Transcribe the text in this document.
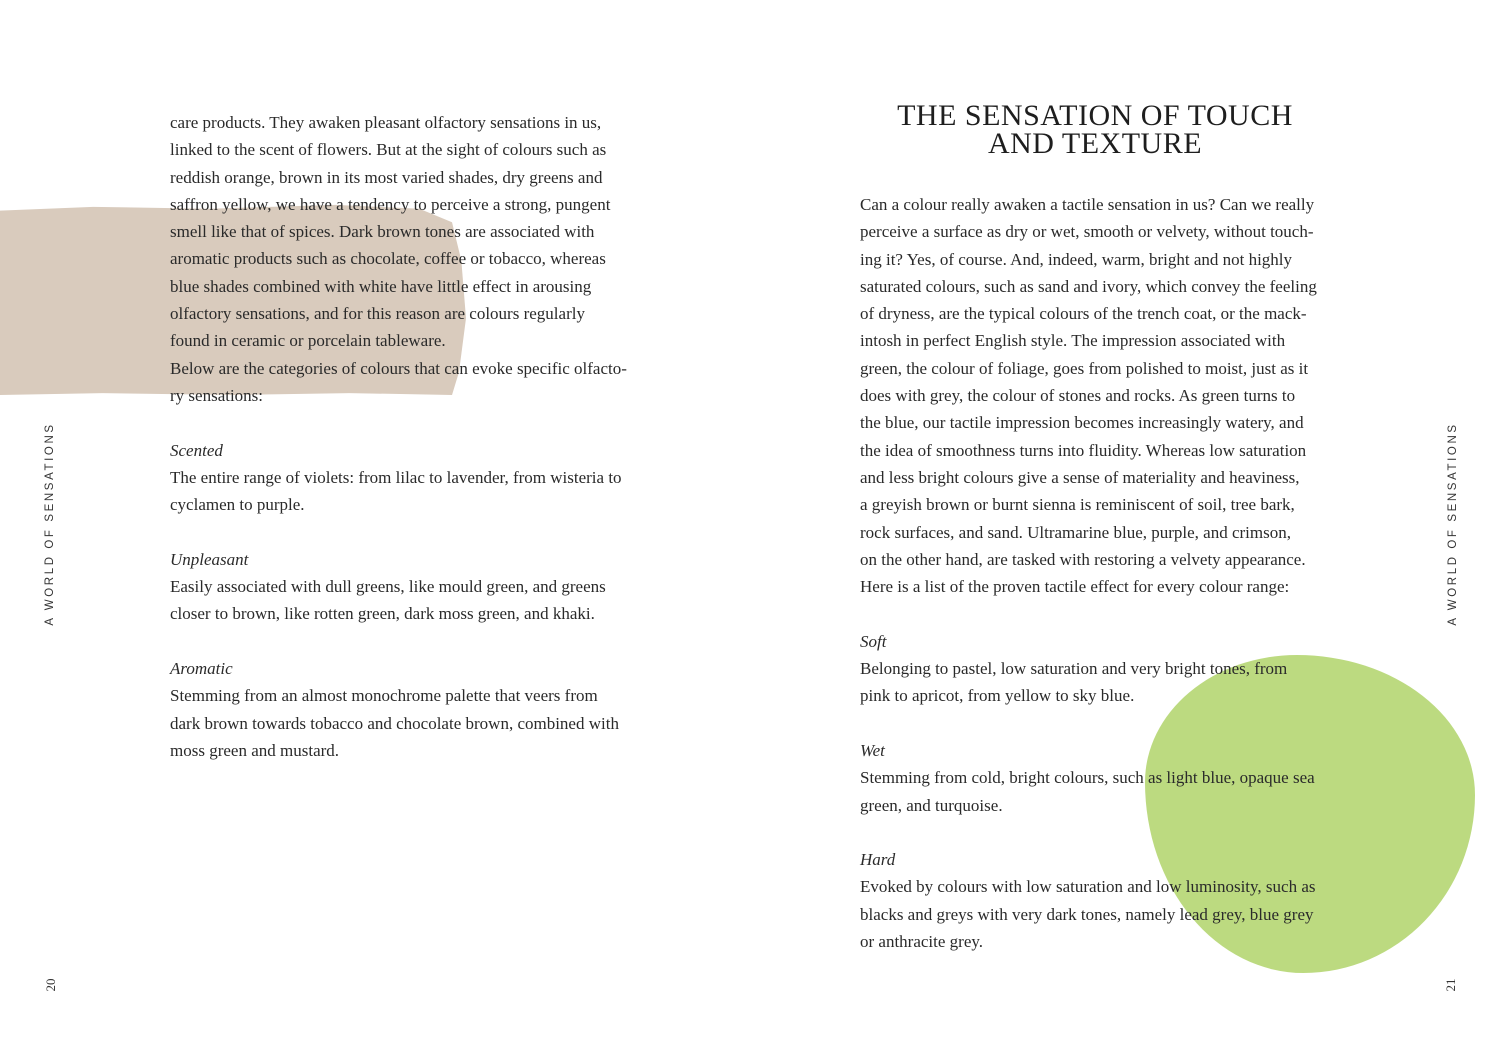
care products. They awaken pleasant olfactory sensations in us,

linked to the scent of flowers. But at the sight of colours such as

reddish orange, brown in its most varied shades, dry greens and

saffron yellow, we have a tendency to perceive a strong, pungent

smell like that of spices. Dark brown tones are associated with

aromatic products such as chocolate, coffee or tobacco, whereas

blue shades combined with white have little effect in arousing

olfactory sensations, and for this reason are colours regularly

found in ceramic or porcelain tableware.

Below are the categories of colours that can evoke specific olfacto-

ry sensations:

Scented

The entire range of violets: from lilac to lavender, from wisteria to

cyclamen to purple.

Unpleasant

Easily associated with dull greens, like mould green, and greens

closer to brown, like rotten green, dark moss green, and khaki.

Aromatic

Stemming from an almost monochrome palette that veers from

dark brown towards tobacco and chocolate brown, combined with

moss green and mustard.

THE SENSATION OF TOUCH
AND TEXTURE

Can a colour really awaken a tactile sensation in us? Can we really

perceive a surface as dry or wet, smooth or velvety, without touch-

ing it? Yes, of course. And, indeed, warm, bright and not highly

saturated colours, such as sand and ivory, which convey the feeling

of dryness, are the typical colours of the trench coat, or the mack-

intosh in perfect English style. The impression associated with

green, the colour of foliage, goes from polished to moist, just as it

does with grey, the colour of stones and rocks. As green turns to

the blue, our tactile impression becomes increasingly watery, and

the idea of smoothness turns into fluidity. Whereas low saturation

and less bright colours give a sense of materiality and heaviness,

a greyish brown or burnt sienna is reminiscent of soil, tree bark,

rock surfaces, and sand. Ultramarine blue, purple, and crimson,

on the other hand, are tasked with restoring a velvety appearance.

Here is a list of the proven tactile effect for every colour range:

Soft

Belonging to pastel, low saturation and very bright tones, from

pink to apricot, from yellow to sky blue.

Wet

Stemming from cold, bright colours, such as light blue, opaque sea

green, and turquoise.

Hard

Evoked by colours with low saturation and low luminosity, such as

blacks and greys with very dark tones, namely lead grey, blue grey

or anthracite grey.

A WORLD OF SENSATIONS	A WORLD OF SENSATIONS
20	21
